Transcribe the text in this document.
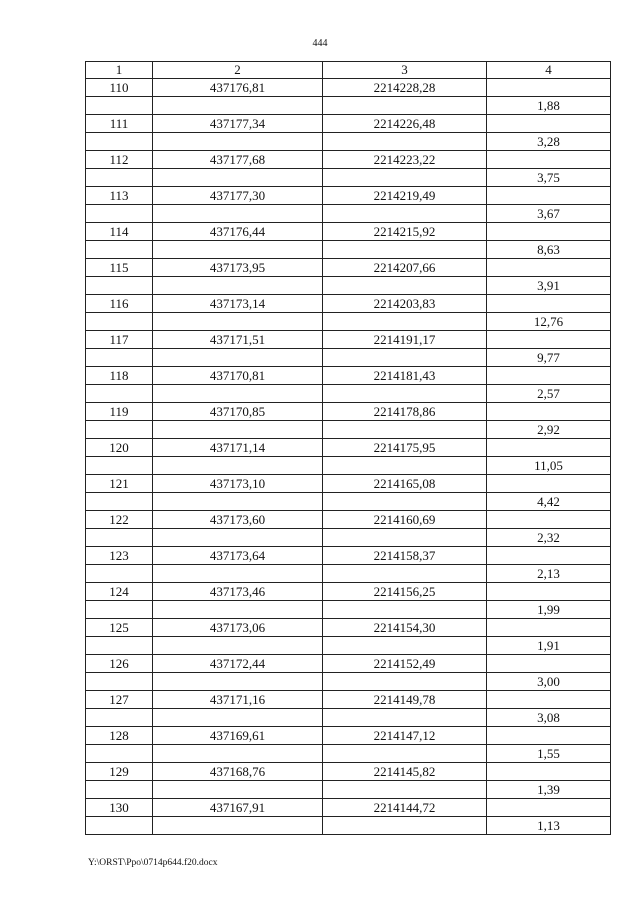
444
1	2	3	4
110	437176,81	2214228,28	
			1,88
111	437177,34	2214226,48	
			3,28
112	437177,68	2214223,22	
			3,75
113	437177,30	2214219,49	
			3,67
114	437176,44	2214215,92	
			8,63
115	437173,95	2214207,66	
			3,91
116	437173,14	2214203,83	
			12,76
117	437171,51	2214191,17	
			9,77
118	437170,81	2214181,43	
			2,57
119	437170,85	2214178,86	
			2,92
120	437171,14	2214175,95	
			11,05
121	437173,10	2214165,08	
			4,42
122	437173,60	2214160,69	
			2,32
123	437173,64	2214158,37	
			2,13
124	437173,46	2214156,25	
			1,99
125	437173,06	2214154,30	
			1,91
126	437172,44	2214152,49	
			3,00
127	437171,16	2214149,78	
			3,08
128	437169,61	2214147,12	
			1,55
129	437168,76	2214145,82	
			1,39
130	437167,91	2214144,72	
			1,13
Y:\ORST\Ppo\0714p644.f20.docx
